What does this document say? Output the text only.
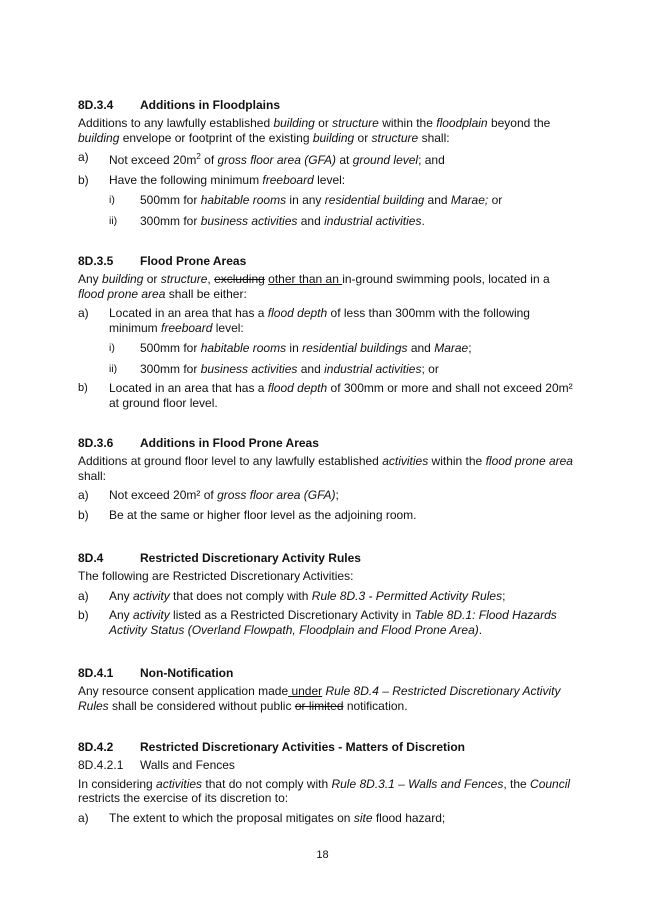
8D.3.4	Additions in Floodplains

Additions to any lawfully established building or structure within the floodplain beyond the building envelope or footprint of the existing building or structure shall:

a)	Not exceed $20m^2$ of gross floor area (GFA) at ground level; and
b)	Have the following minimum freeboard level:
i)	500mm for habitable rooms in any residential building and Marae; or
ii)	300mm for business activities and industrial activities.
8D.3.5	Flood Prone Areas

Any building or structure, excluding other than an in-ground swimming pools, located in a flood prone area shall be either:

a)	Located in an area that has a flood depth of less than 300mm with the following minimum freeboard level:
i)	500mm for habitable rooms in residential buildings and Marae;
ii)	300mm for business activities and industrial activities; or
b)	Located in an area that has a flood depth of 300mm or more and shall not exceed 20m² at ground floor level.
8D.3.6	Additions in Flood Prone Areas

Additions at ground floor level to any lawfully established activities within the flood prone area shall:

a)	Not exceed 20m² of gross floor area (GFA);
b)	Be at the same or higher floor level as the adjoining room.
8D.4	Restricted Discretionary Activity Rules

The following are Restricted Discretionary Activities:

a)	Any activity that does not comply with Rule 8D.3 - Permitted Activity Rules;
b)	Any activity listed as a Restricted Discretionary Activity in Table 8D.1: Flood Hazards Activity Status (Overland Flowpath, Floodplain and Flood Prone Area).
8D.4.1	Non-Notification

Any resource consent application made under Rule 8D.4 – Restricted Discretionary Activity Rules shall be considered without public or limited notification.

8D.4.2	Restricted Discretionary Activities - Matters of Discretion
8D.4.2.1	Walls and Fences

In considering activities that do not comply with Rule 8D.3.1 – Walls and Fences, the Council restricts the exercise of its discretion to:

a)	The extent to which the proposal mitigates on site flood hazard;
18
